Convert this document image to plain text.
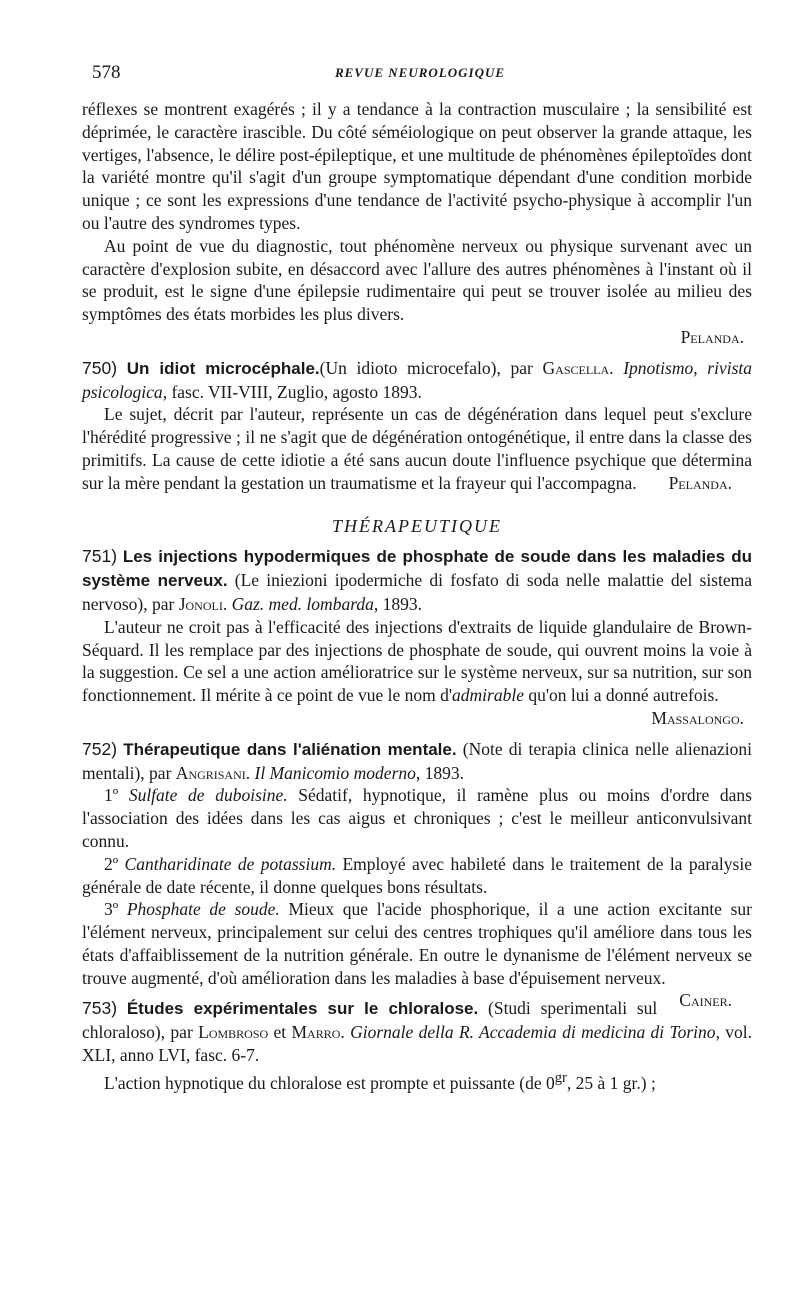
578	REVUE NEUROLOGIQUE

réflexes se montrent exagérés ; il y a tendance à la contraction musculaire ; la sensibilité est déprimée, le caractère irascible. Du côté séméiologique on peut observer la grande attaque, les vertiges, l'absence, le délire post-épileptique, et une multitude de phénomènes épileptoïdes dont la variété montre qu'il s'agit d'un groupe symptomatique dépendant d'une condition morbide unique ; ce sont les expressions d'une tendance de l'activité psycho-physique à accomplir l'un ou l'autre des syndromes types.

Au point de vue du diagnostic, tout phénomène nerveux ou physique survenant avec un caractère d'explosion subite, en désaccord avec l'allure des autres phénomènes à l'instant où il se produit, est le signe d'une épilepsie rudimentaire qui peut se trouver isolée au milieu des symptômes des états morbides les plus divers.

Pelanda.

750) Un idiot microcéphale.(Un idioto microcefalo), par Gascella. Ipnotismo, rivista psicologica, fasc. VII-VIII, Zuglio, agosto 1893.

Le sujet, décrit par l'auteur, représente un cas de dégénération dans lequel peut s'exclure l'hérédité progressive ; il ne s'agit que de dégénération ontogénétique, il entre dans la classe des primitifs. La cause de cette idiotie a été sans aucun doute l'influence psychique que détermina sur la mère pendant la gestation un traumatisme et la frayeur qui l'accompagna.	Pelanda.

THÉRAPEUTIQUE

751) Les injections hypodermiques de phosphate de soude dans les maladies du système nerveux. (Le iniezioni ipodermiche di fosfato di soda nelle malattie del sistema nervoso), par Jonoli. Gaz. med. lombarda, 1893.

L'auteur ne croit pas à l'efficacité des injections d'extraits de liquide glandulaire de Brown-Séquard. Il les remplace par des injections de phosphate de soude, qui ouvrent moins la voie à la suggestion. Ce sel a une action amélioratrice sur le système nerveux, sur sa nutrition, sur son fonctionnement. Il mérite à ce point de vue le nom d'admirable qu'on lui a donné autrefois.

Massalongo.

752) Thérapeutique dans l'aliénation mentale. (Note di terapia clinica nelle alienazioni mentali), par Angrisani. Il Manicomio moderno, 1893.

1º Sulfate de duboisine. Sédatif, hypnotique, il ramène plus ou moins d'ordre dans l'association des idées dans les cas aigus et chroniques ; c'est le meilleur anticonvulsivant connu.

2º Cantharidinate de potassium. Employé avec habileté dans le traitement de la paralysie générale de date récente, il donne quelques bons résultats.

3º Phosphate de soude. Mieux que l'acide phosphorique, il a une action excitante sur l'élément nerveux, principalement sur celui des centres trophiques qu'il améliore dans tous les états d'affaiblissement de la nutrition générale. En outre le dynanisme de l'élément nerveux se trouve augmenté, d'où amélioration dans les maladies à base d'épuisement nerveux.
Cainer.

753) Études expérimentales sur le chloralose. (Studi sperimentali sul chloraloso), par Lombroso et Marro. Giornale della R. Accademia di medicina di Torino, vol. XLI, anno LVI, fasc. 6-7.

L'action hypnotique du chloralose est prompte et puissante (de $0^{gr}$, 25 à 1 gr.) ;
